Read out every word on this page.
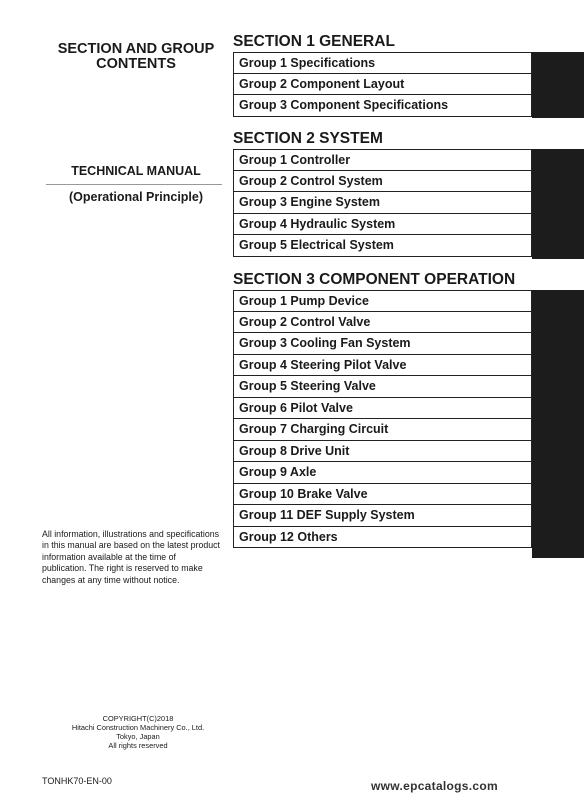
SECTION AND GROUP
CONTENTS
TECHNICAL MANUAL
(Operational Principle)
All information, illustrations and specifications in this manual are based on the latest product information available at the time of publication. The right is reserved to make changes at any time without notice.
COPYRIGHT(C)2018
Hitachi Construction Machinery Co., Ltd.
Tokyo, Japan
All rights reserved
TONHK70-EN-00	www.epcatalogs.com
SECTION 1 GENERAL
Group 1 Specifications
Group 2 Component Layout
Group 3 Component Specifications
SECTION 2 SYSTEM
Group 1 Controller
Group 2 Control System
Group 3 Engine System
Group 4 Hydraulic System
Group 5 Electrical System
SECTION 3 COMPONENT OPERATION
Group 1 Pump Device
Group 2 Control Valve
Group 3 Cooling Fan System
Group 4 Steering Pilot Valve
Group 5 Steering Valve
Group 6 Pilot Valve
Group 7 Charging Circuit
Group 8 Drive Unit
Group 9 Axle
Group 10 Brake Valve
Group 11 DEF Supply System
Group 12 Others
